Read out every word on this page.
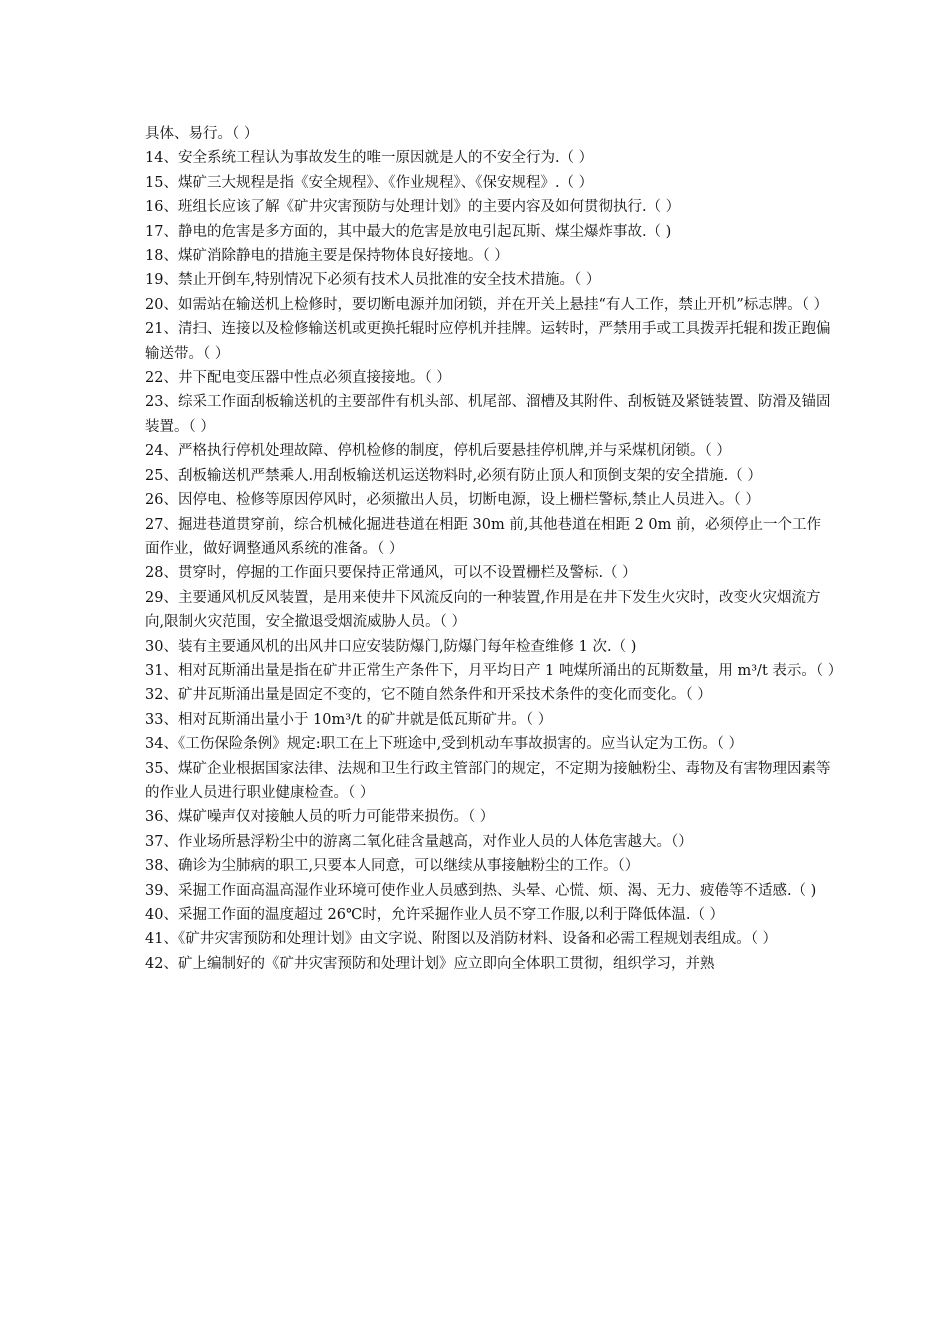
具体、易行。（ ）

14、安全系统工程认为事故发生的唯一原因就是人的不安全行为.（ ）

15、煤矿三大规程是指《安全规程》、《作业规程》、《保安规程》.（ ）

16、班组长应该了解《矿井灾害预防与处理计划》的主要内容及如何贯彻执行.（ ）

17、静电的危害是多方面的，其中最大的危害是放电引起瓦斯、煤尘爆炸事故.（ )

18、煤矿消除静电的措施主要是保持物体良好接地。（ ）

19、禁止开倒车,特别情况下必须有技术人员批准的安全技术措施。（ ）

20、如需站在输送机上检修时，要切断电源并加闭锁，并在开关上悬挂“有人工作，禁止开机”标志牌。（ ）

21、清扫、连接以及检修输送机或更换托辊时应停机并挂牌。运转时，严禁用手或工具拨弄托辊和拨正跑偏输送带。（ ）

22、井下配电变压器中性点必须直接接地。（ ）

23、综采工作面刮板输送机的主要部件有机头部、机尾部、溜槽及其附件、刮板链及紧链装置、防滑及锚固装置。（ ）

24、严格执行停机处理故障、停机检修的制度，停机后要悬挂停机牌,并与采煤机闭锁。（ ）

25、刮板输送机严禁乘人.用刮板输送机运送物料时,必须有防止顶人和顶倒支架的安全措施.（ ）

26、因停电、检修等原因停风时，必须撤出人员，切断电源，设上栅栏警标,禁止人员进入。（ ）

27、掘进巷道贯穿前，综合机械化掘进巷道在相距 30m 前,其他巷道在相距 2 0m 前，必须停止一个工作面作业，做好调整通风系统的准备。（ ）

28、贯穿时，停掘的工作面只要保持正常通风，可以不设置栅栏及警标.（ ）

29、主要通风机反风装置，是用来使井下风流反向的一种装置,作用是在井下发生火灾时，改变火灾烟流方向,限制火灾范围，安全撤退受烟流威胁人员。（ ）

30、装有主要通风机的出风井口应安装防爆门,防爆门每年检查维修 1 次.（ )

31、相对瓦斯涌出量是指在矿井正常生产条件下，月平均日产 1 吨煤所涌出的瓦斯数量，用 m³/t 表示。（ ）

32、矿井瓦斯涌出量是固定不变的，它不随自然条件和开采技术条件的变化而变化。（ ）

33、相对瓦斯涌出量小于 10m³/t 的矿井就是低瓦斯矿井。（ ）

34、《工伤保险条例》规定:职工在上下班途中,受到机动车事故损害的。应当认定为工伤。（ ）

35、煤矿企业根据国家法律、法规和卫生行政主管部门的规定，不定期为接触粉尘、毒物及有害物理因素等的作业人员进行职业健康检查。（ ）

36、煤矿噪声仅对接触人员的听力可能带来损伤。（ ）

37、作业场所悬浮粉尘中的游离二氧化硅含量越高，对作业人员的人体危害越大。（）

38、确诊为尘肺病的职工,只要本人同意，可以继续从事接触粉尘的工作。（）

39、采掘工作面高温高湿作业环境可使作业人员感到热、头晕、心慌、烦、渴、无力、疲倦等不适感.（ )

40、采掘工作面的温度超过 26℃时，允许采掘作业人员不穿工作服,以利于降低体温.（ ）

41、《矿井灾害预防和处理计划》由文字说、附图以及消防材料、设备和必需工程规划表组成。（ ）

42、矿上编制好的《矿井灾害预防和处理计划》应立即向全体职工贯彻，组织学习，并熟
